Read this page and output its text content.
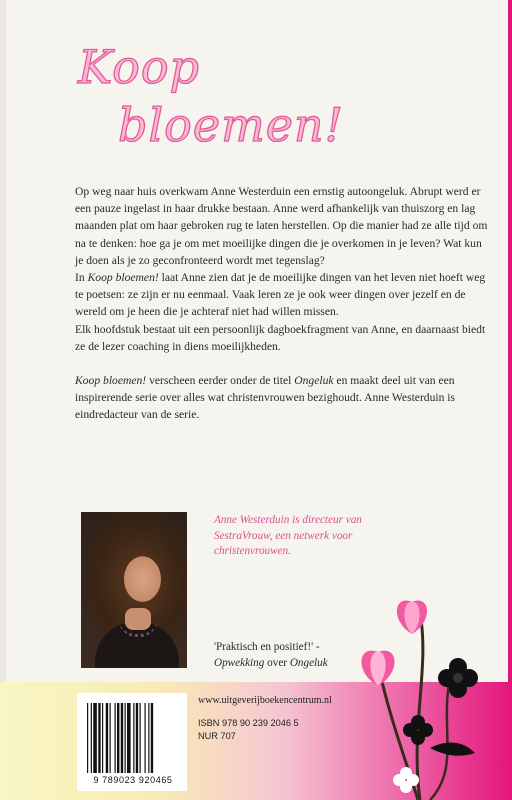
Koop
bloemen!

Op weg naar huis overkwam Anne Westerduin een ernstig autoongeluk. Abrupt werd er een pauze ingelast in haar drukke bestaan. Anne werd afhankelijk van thuiszorg en lag maanden plat om haar gebroken rug te laten herstellen. Op die manier had ze alle tijd om na te denken: hoe ga je om met moeilijke dingen die je overkomen in je leven? Wat kun je doen als je zo geconfronteerd wordt met tegenslag?

In Koop bloemen! laat Anne zien dat je de moeilijke dingen van het leven niet hoeft weg te poetsen: ze zijn er nu eenmaal. Vaak leren ze je ook weer dingen over jezelf en de wereld om je heen die je achteraf niet had willen missen.

Elk hoofdstuk bestaat uit een persoonlijk dagboekfragment van Anne, en daarnaast biedt ze de lezer coaching in diens moeilijkheden.

Koop bloemen! verscheen eerder onder de titel Ongeluk en maakt deel uit van een inspirerende serie over alles wat christenvrouwen bezighoudt. Anne Westerduin is eindredacteur van de serie.

Anne Westerduin is directeur van SestraVrouw, een netwerk voor christenvrouwen.
'Praktisch en positief!' -
Opwekking over Ongeluk
9 789023 920465
www.uitgeverijboekencentrum.nl
ISBN 978 90 239 2046 5
NUR 707
